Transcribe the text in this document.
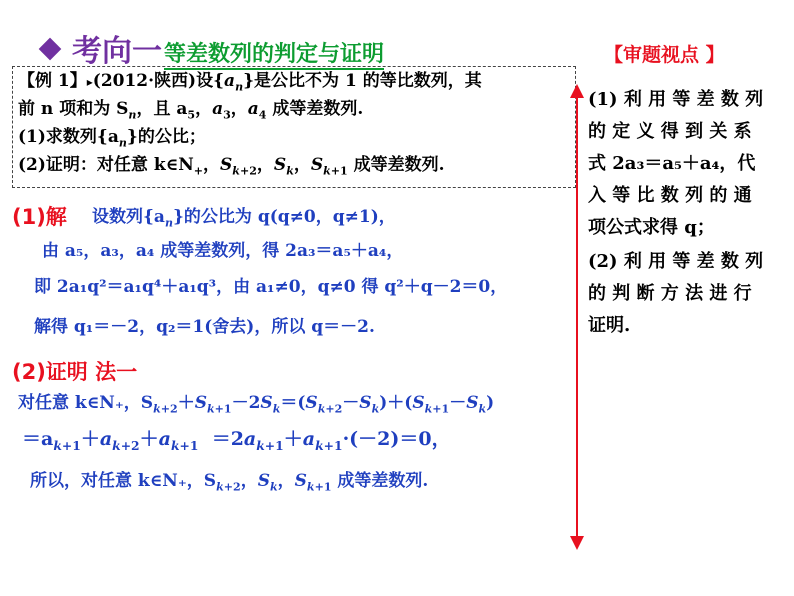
考向一 等差数列的判定与证明
【例 1】▸(2012·陕西)设$\{a_n\}$是公比不为 1 的等比数列，其
前 n 项和为 $S_n$，且 $a_5$，$a_3$，$a_4$ 成等差数列.
(1)求数列$\{a_n\}$的公比；
(2)证明：对任意 $k\in N_+$，$S_{k+2}$，$S_k$，$S_{k+1}$ 成等差数列.
(1)解 设数列$\{a_n\}$的公比为 q(q≠0，q≠1)，
由 a₅，a₃，a₄ 成等差数列，得 2a₃＝a₅＋a₄，
即 2a₁q²＝a₁q⁴＋a₁q³，由 a₁≠0，q≠0 得 q²＋q－2＝0，
解得 q₁＝－2，q₂＝1(舍去)，所以 q＝－2.
(2)证明 法一
对任意 k∈N₊，$S_{k+2}+S_{k+1}-2S_k=(S_{k+2}-S_k)+(S_{k+1}-S_k)$
$=a_{k+1}+a_{k+2}+a_{k+1} =2a_{k+1}+a_{k+1}\cdot(-2)=0$，
所以，对任意 k∈N₊，$S_{k+2}$，$S_k$，$S_{k+1}$ 成等差数列.
【审题视点 】
(1) 利 用 等 差 数 列
的 定 义 得 到 关 系
式 2a₃＝a₅＋a₄，代
入 等 比 数 列 的 通
项公式求得 q；
(2) 利 用 等 差 数 列
的 判 断 方 法 进 行
证明.
